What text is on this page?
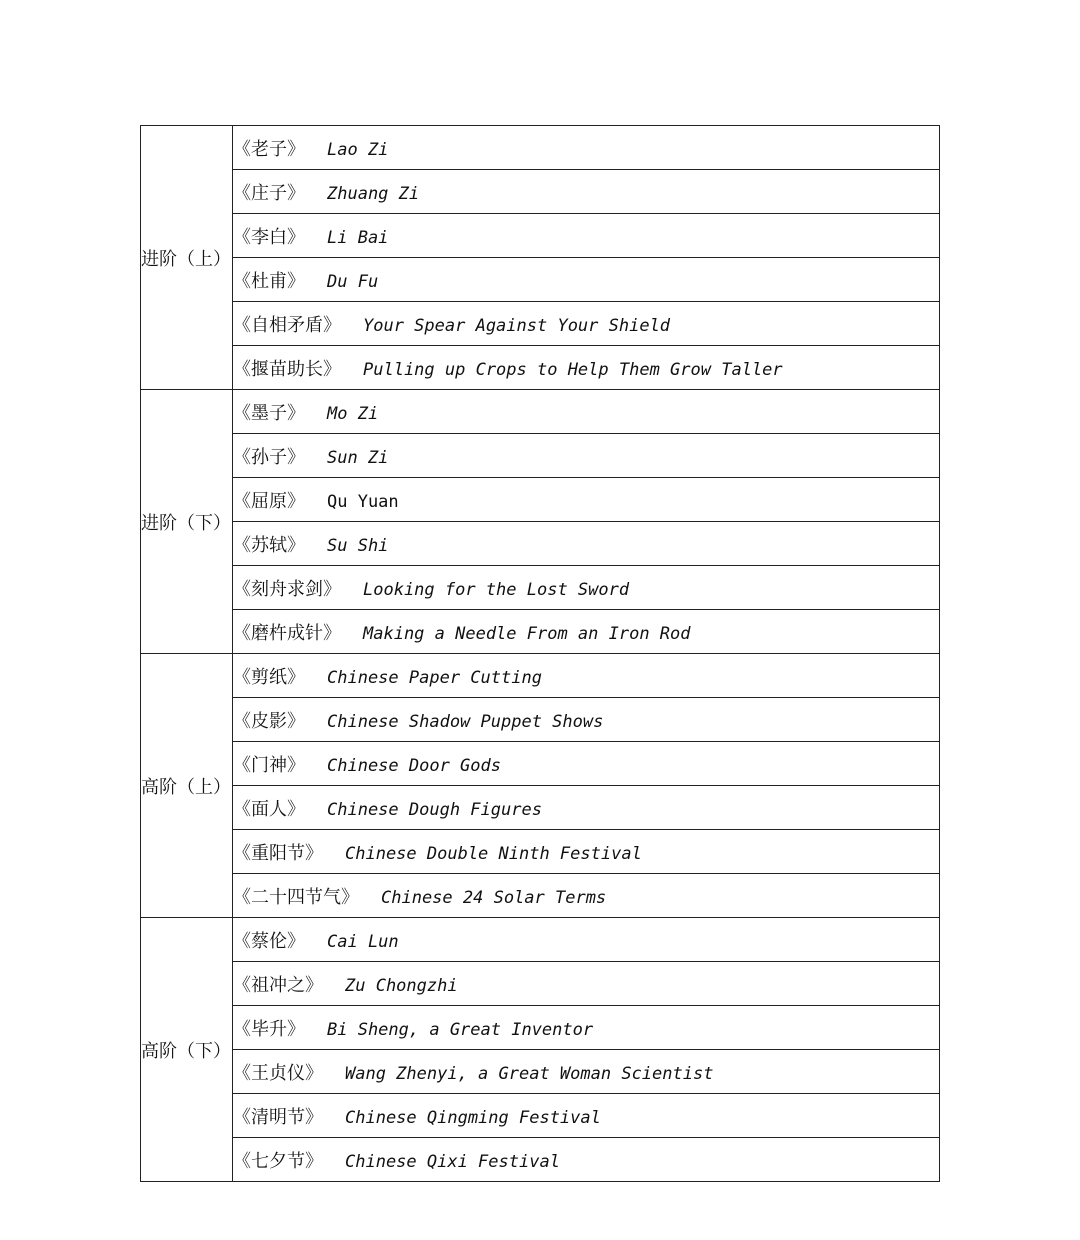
进阶（上）	《老子》 Lao Zi
	《庄子》 Zhuang Zi
	《李白》 Li Bai
	《杜甫》 Du Fu
	《自相矛盾》 Your Spear Against Your Shield
	《揠苗助长》 Pulling up Crops to Help Them Grow Taller
进阶（下）	《墨子》 Mo Zi
	《孙子》 Sun Zi
	《屈原》 Qu Yuan
	《苏轼》 Su Shi
	《刻舟求剑》 Looking for the Lost Sword
	《磨杵成针》 Making a Needle From an Iron Rod
高阶（上）	《剪纸》 Chinese Paper Cutting
	《皮影》 Chinese Shadow Puppet Shows
	《门神》 Chinese Door Gods
	《面人》 Chinese Dough Figures
	《重阳节》 Chinese Double Ninth Festival
	《二十四节气》 Chinese 24 Solar Terms
高阶（下）	《蔡伦》 Cai Lun
	《祖冲之》 Zu Chongzhi
	《毕升》 Bi Sheng, a Great Inventor
	《王贞仪》 Wang Zhenyi, a Great Woman Scientist
	《清明节》 Chinese Qingming Festival
	《七夕节》 Chinese Qixi Festival
